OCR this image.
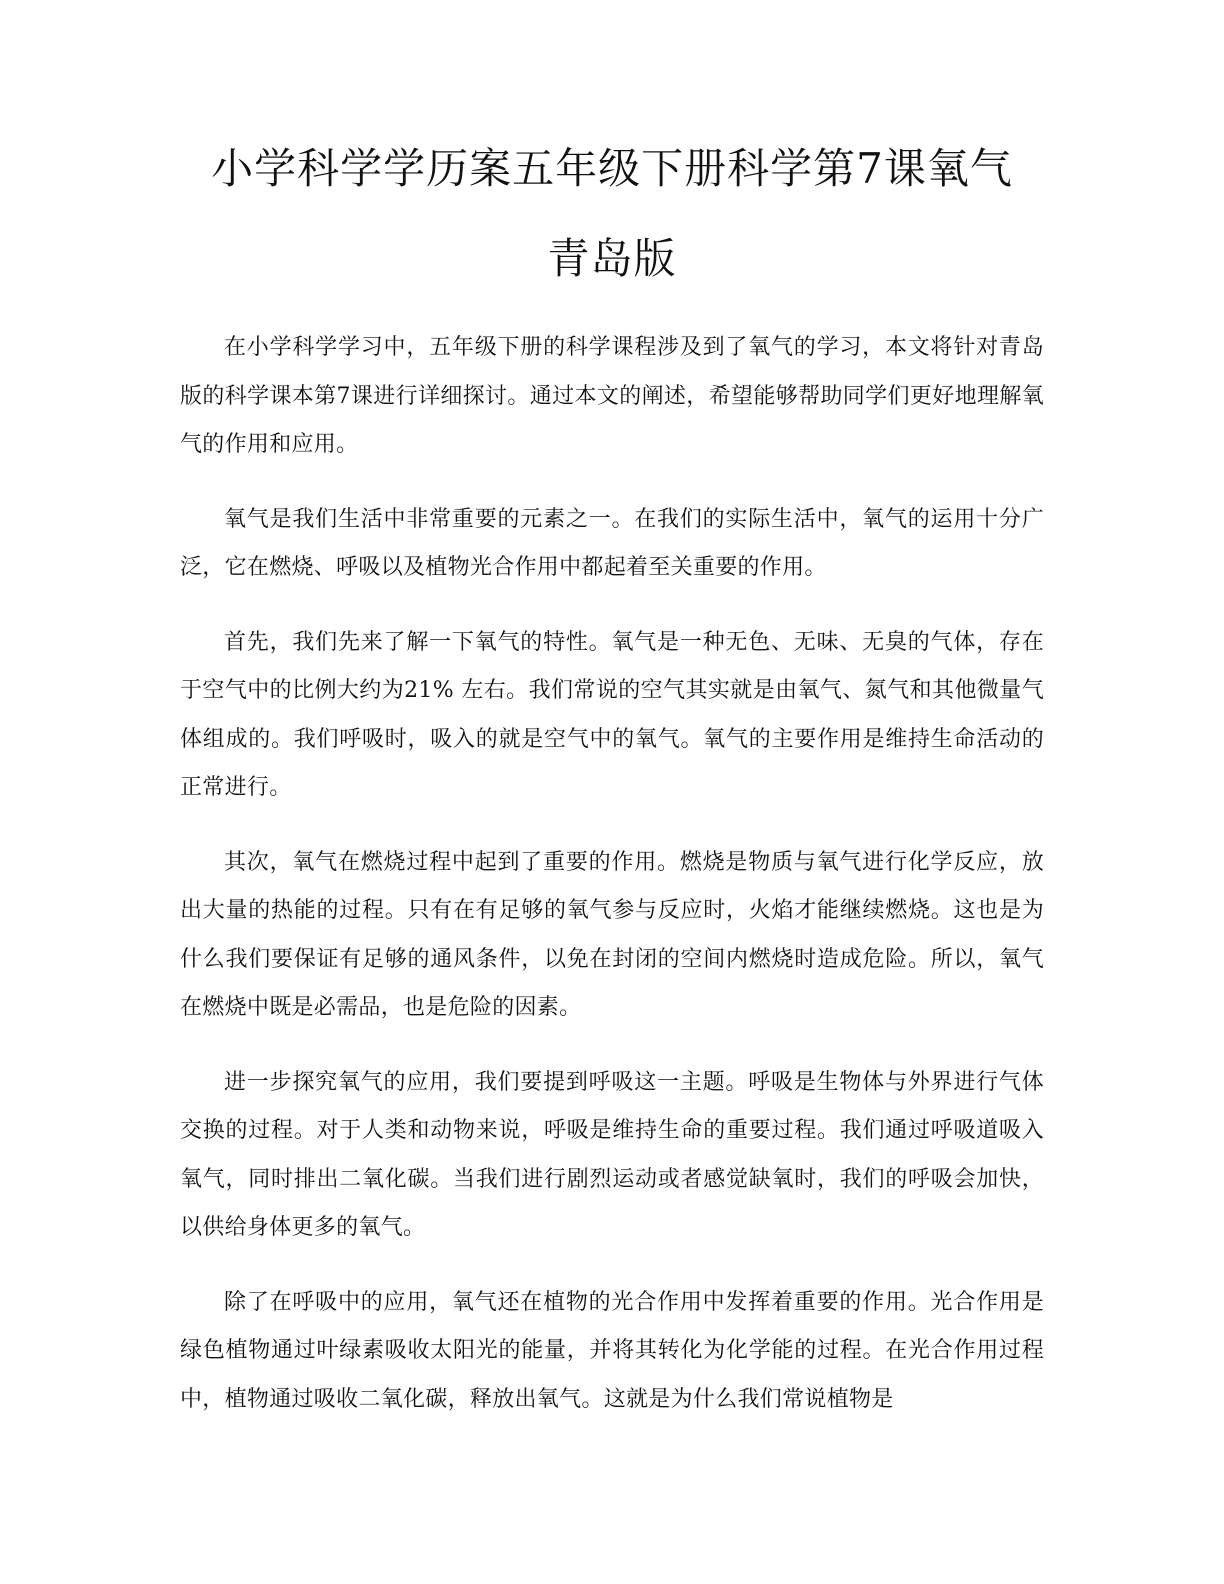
小学科学学历案五年级下册科学第7课氧气
青岛版

在小学科学学习中，五年级下册的科学课程涉及到了氧气的学习，本文将针对青岛版的科学课本第7课进行详细探讨。通过本文的阐述，希望能够帮助同学们更好地理解氧气的作用和应用。

氧气是我们生活中非常重要的元素之一。在我们的实际生活中，氧气的运用十分广泛，它在燃烧、呼吸以及植物光合作用中都起着至关重要的作用。

首先，我们先来了解一下氧气的特性。氧气是一种无色、无味、无臭的气体，存在于空气中的比例大约为21% 左右。我们常说的空气其实就是由氧气、氮气和其他微量气体组成的。我们呼吸时，吸入的就是空气中的氧气。氧气的主要作用是维持生命活动的正常进行。

其次，氧气在燃烧过程中起到了重要的作用。燃烧是物质与氧气进行化学反应，放出大量的热能的过程。只有在有足够的氧气参与反应时，火焰才能继续燃烧。这也是为什么我们要保证有足够的通风条件，以免在封闭的空间内燃烧时造成危险。所以，氧气在燃烧中既是必需品，也是危险的因素。

进一步探究氧气的应用，我们要提到呼吸这一主题。呼吸是生物体与外界进行气体交换的过程。对于人类和动物来说，呼吸是维持生命的重要过程。我们通过呼吸道吸入氧气，同时排出二氧化碳。当我们进行剧烈运动或者感觉缺氧时，我们的呼吸会加快，以供给身体更多的氧气。

除了在呼吸中的应用，氧气还在植物的光合作用中发挥着重要的作用。光合作用是绿色植物通过叶绿素吸收太阳光的能量，并将其转化为化学能的过程。在光合作用过程中，植物通过吸收二氧化碳，释放出氧气。这就是为什么我们常说植物是
